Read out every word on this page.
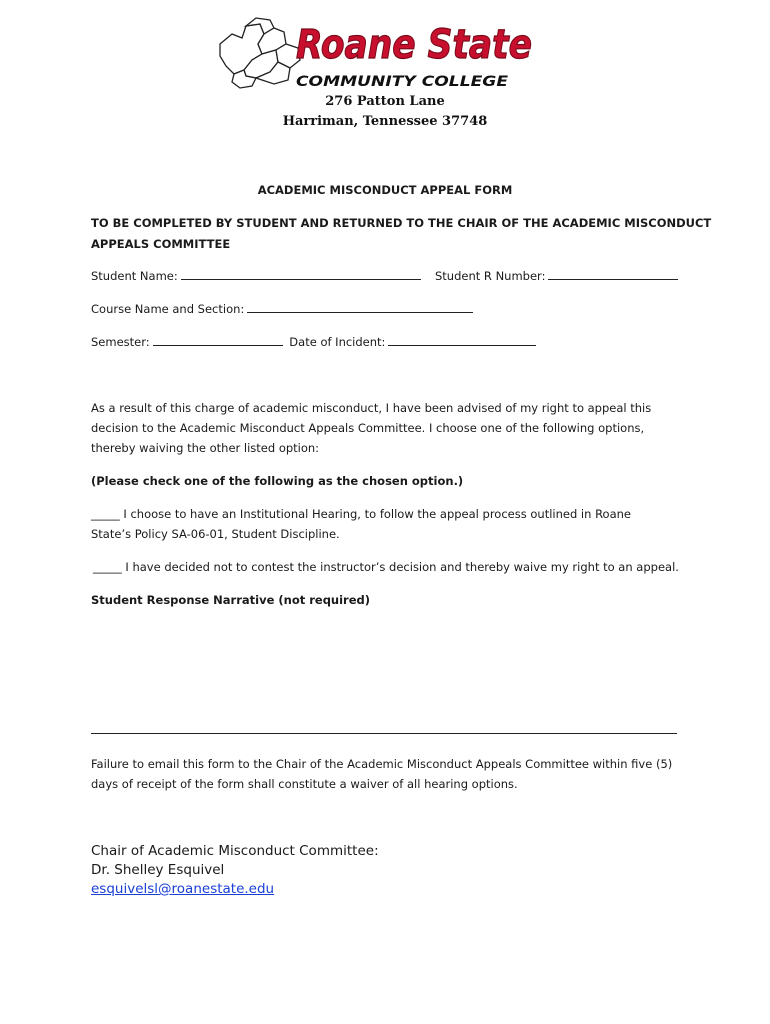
Roane State
COMMUNITY COLLEGE
276 Patton Lane
Harriman, Tennessee 37748
ACADEMIC MISCONDUCT APPEAL FORM
TO BE COMPLETED BY STUDENT AND RETURNED TO THE CHAIR OF THE ACADEMIC MISCONDUCT
APPEALS COMMITTEE
Student Name:	Student R Number:
Course Name and Section:
Semester:	Date of Incident:
As a result of this charge of academic misconduct, I have been advised of my right to appeal this decision to the Academic Misconduct Appeals Committee. I choose one of the following options, thereby waiving the other listed option:
(Please check one of the following as the chosen option.)
_____ I choose to have an Institutional Hearing, to follow the appeal process outlined in Roane State’s Policy SA-06-01, Student Discipline.
_____ I have decided not to contest the instructor’s decision and thereby waive my right to an appeal.
Student Response Narrative (not required)
Failure to email this form to the Chair of the Academic Misconduct Appeals Committee within five (5) days of receipt of the form shall constitute a waiver of all hearing options.
Chair of Academic Misconduct Committee:
Dr. Shelley Esquivel
esquivelsl@roanestate.edu
